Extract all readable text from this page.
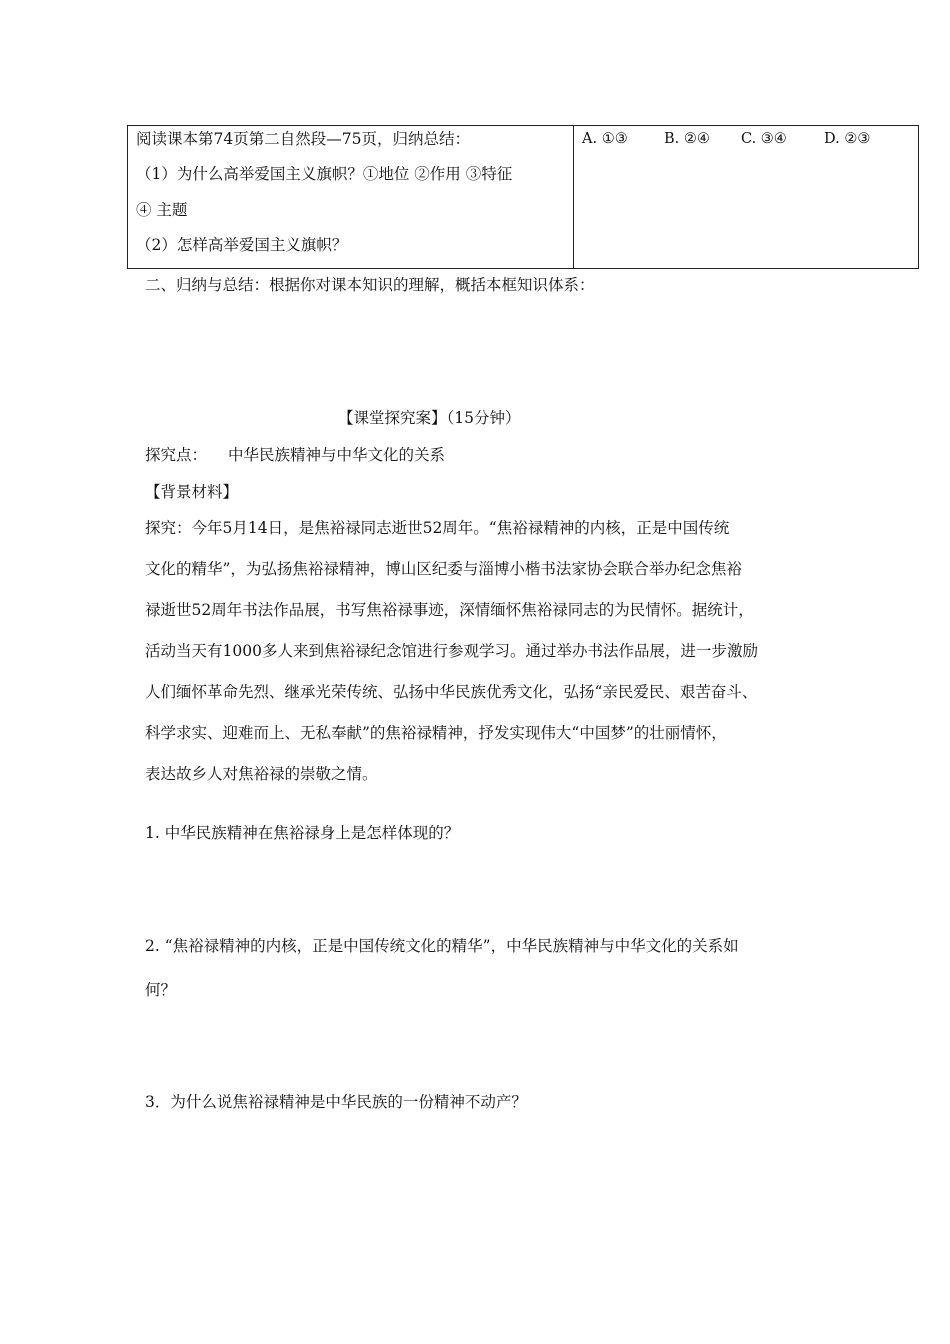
阅读课本第74页第二自然段—75页，归纳总结：
（1）为什么高举爱国主义旗帜？①地位 ②作用 ③特征
④ 主题
（2）怎样高举爱国主义旗帜？
A. ①③	B. ②④ C. ③④	D. ②③
二、归纳与总结：根据你对课本知识的理解，概括本框知识体系：
【课堂探究案】（15分钟）
探究点： 中华民族精神与中华文化的关系
【背景材料】
探究：今年5月14日，是焦裕禄同志逝世52周年。“焦裕禄精神的内核，正是中国传统
文化的精华”，为弘扬焦裕禄精神，博山区纪委与淄博小楷书法家协会联合举办纪念焦裕
禄逝世52周年书法作品展，书写焦裕禄事迹，深情缅怀焦裕禄同志的为民情怀。据统计，
活动当天有1000多人来到焦裕禄纪念馆进行参观学习。通过举办书法作品展，进一步激励
人们缅怀革命先烈、继承光荣传统、弘扬中华民族优秀文化，弘扬“亲民爱民、艰苦奋斗、
科学求实、迎难而上、无私奉献”的焦裕禄精神，抒发实现伟大“中国梦”的壮丽情怀，
表达故乡人对焦裕禄的崇敬之情。
1. 中华民族精神在焦裕禄身上是怎样体现的？
2. “焦裕禄精神的内核，正是中国传统文化的精华”，中华民族精神与中华文化的关系如
何？
3．为什么说焦裕禄精神是中华民族的一份精神不动产？
